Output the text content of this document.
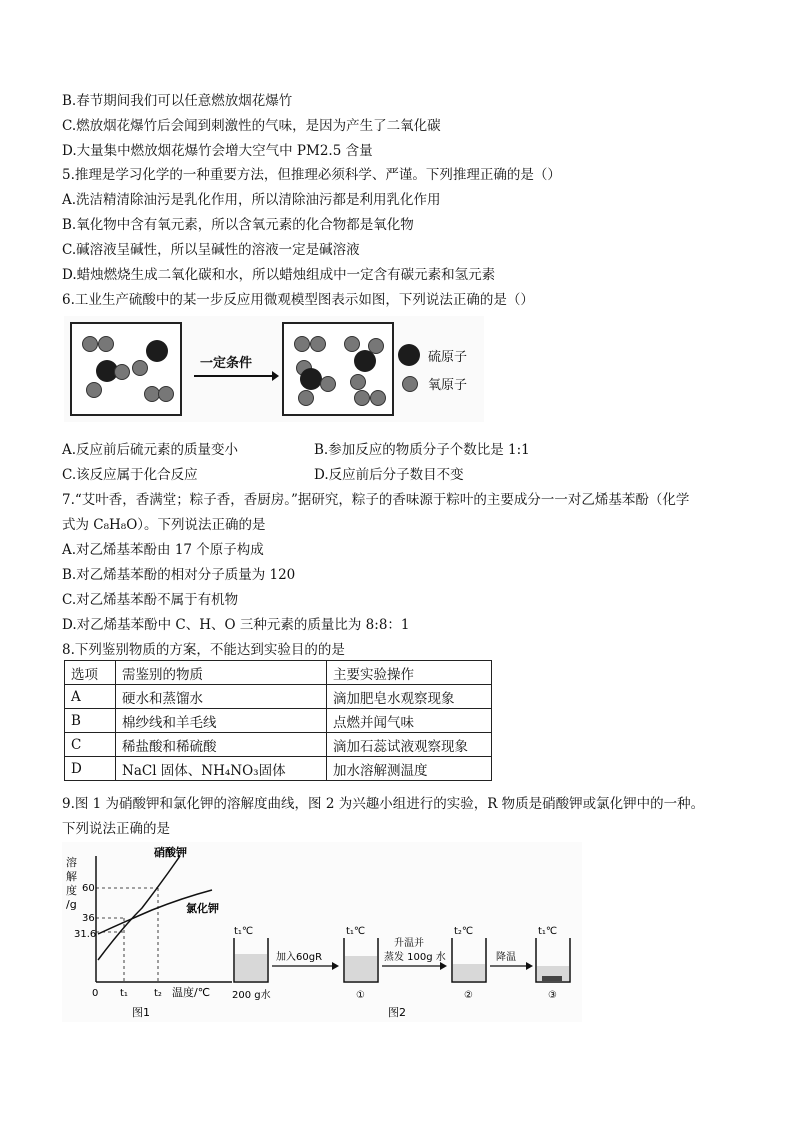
B.春节期间我们可以任意燃放烟花爆竹
C.燃放烟花爆竹后会闻到刺激性的气味，是因为产生了二氧化碳
D.大量集中燃放烟花爆竹会增大空气中 PM2.5 含量
5.推理是学习化学的一种重要方法，但推理必须科学、严谨。下列推理正确的是（）
A.洗洁精清除油污是乳化作用，所以清除油污都是利用乳化作用
B.氧化物中含有氧元素，所以含氧元素的化合物都是氧化物
C.碱溶液呈碱性，所以呈碱性的溶液一定是碱溶液
D.蜡烛燃烧生成二氧化碳和水，所以蜡烛组成中一定含有碳元素和氢元素
6.工业生产硫酸中的某一步反应用微观模型图表示如图，下列说法正确的是（）
一定条件	硫原子
氧原子
A.反应前后硫元素的质量变小	B.参加反应的物质分子个数比是 1:1
C.该反应属于化合反应	D.反应前后分子数目不变
7.“艾叶香，香满堂；粽子香，香厨房。”据研究，粽子的香味源于粽叶的主要成分一一对乙烯基苯酚（化学
式为 C₈H₈O）。下列说法正确的是
A.对乙烯基苯酚由 17 个原子构成
B.对乙烯基苯酚的相对分子质量为 120
C.对乙烯基苯酚不属于有机物
D.对乙烯基苯酚中 C、H、O 三种元素的质量比为 8:8：1
8.下列鉴别物质的方案，不能达到实验目的的是
选项	需鉴别的物质	主要实验操作
A	硬水和蒸馏水	滴加肥皂水观察现象
B	棉纱线和羊毛线	点燃并闻气味
C	稀盐酸和稀硫酸	滴加石蕊试液观察现象
D	NaCl 固体、NH₄NO₃固体	加水溶解测温度
9.图 1 为硝酸钾和氯化钾的溶解度曲线，图 2 为兴趣小组进行的实验，R 物质是硝酸钾或氯化钾中的一种。
下列说法正确的是
溶
解
度
/g
60
36
31.6
硝酸钾
氯化钾
0 t₁	t₂ 温度/℃
图1
t₁℃
200 g水
加入60gR
t₁℃
①
升温并
蒸发 100g 水
t₂℃
②
降温
t₁℃
③
图2
